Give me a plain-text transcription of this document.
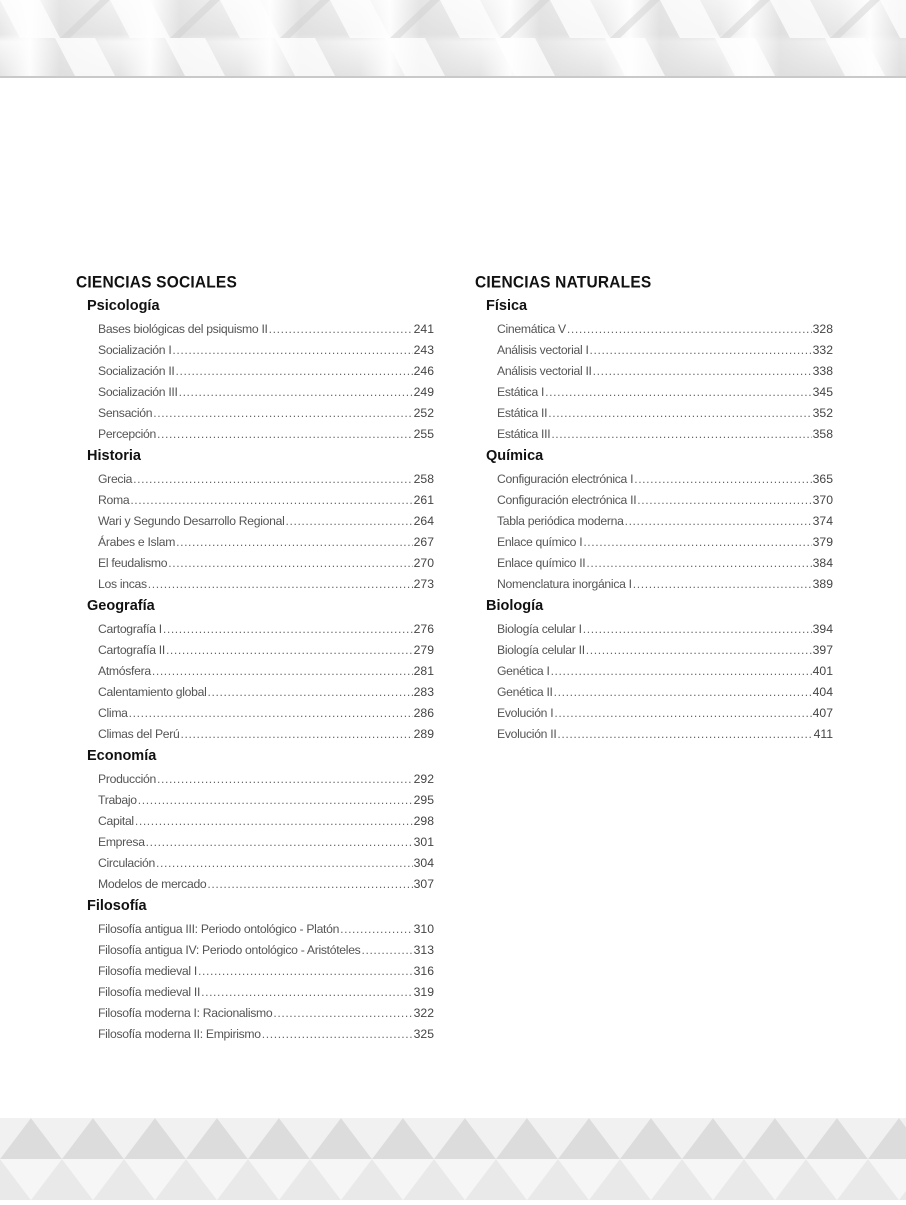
CIENCIAS SOCIALES
Psicología
Bases biológicas del psiquismo II .....	241
Socialización I .....	243
Socialización II .....	246
Socialización III .....	249
Sensación .....	252
Percepción .....	255
Historia
Grecia .....	258
Roma .....	261
Wari y Segundo Desarrollo Regional .....	264
Árabes e Islam .....	267
El feudalismo .....	270
Los incas .....	273
Geografía
Cartografía I .....	276
Cartografía II .....	279
Atmósfera .....	281
Calentamiento global .....	283
Clima .....	286
Climas del Perú .....	289
Economía
Producción .....	292
Trabajo .....	295
Capital .....	298
Empresa .....	301
Circulación .....	304
Modelos de mercado .....	307
Filosofía
Filosofía antigua III: Periodo ontológico - Platón .....	310
Filosofía antigua IV: Periodo ontológico - Aristóteles .....	313
Filosofía medieval I .....	316
Filosofía medieval II .....	319
Filosofía moderna I: Racionalismo .....	322
Filosofía moderna II: Empirismo .....	325
CIENCIAS NATURALES
Física
Cinemática V .....	328
Análisis vectorial I .....	332
Análisis vectorial II .....	338
Estática I .....	345
Estática II .....	352
Estática III .....	358
Química
Configuración electrónica I .....	365
Configuración electrónica II .....	370
Tabla periódica moderna .....	374
Enlace químico I .....	379
Enlace químico II .....	384
Nomenclatura inorgánica I .....	389
Biología
Biología celular I .....	394
Biología celular II .....	397
Genética I .....	401
Genética II .....	404
Evolución I .....	407
Evolución II .....	411
